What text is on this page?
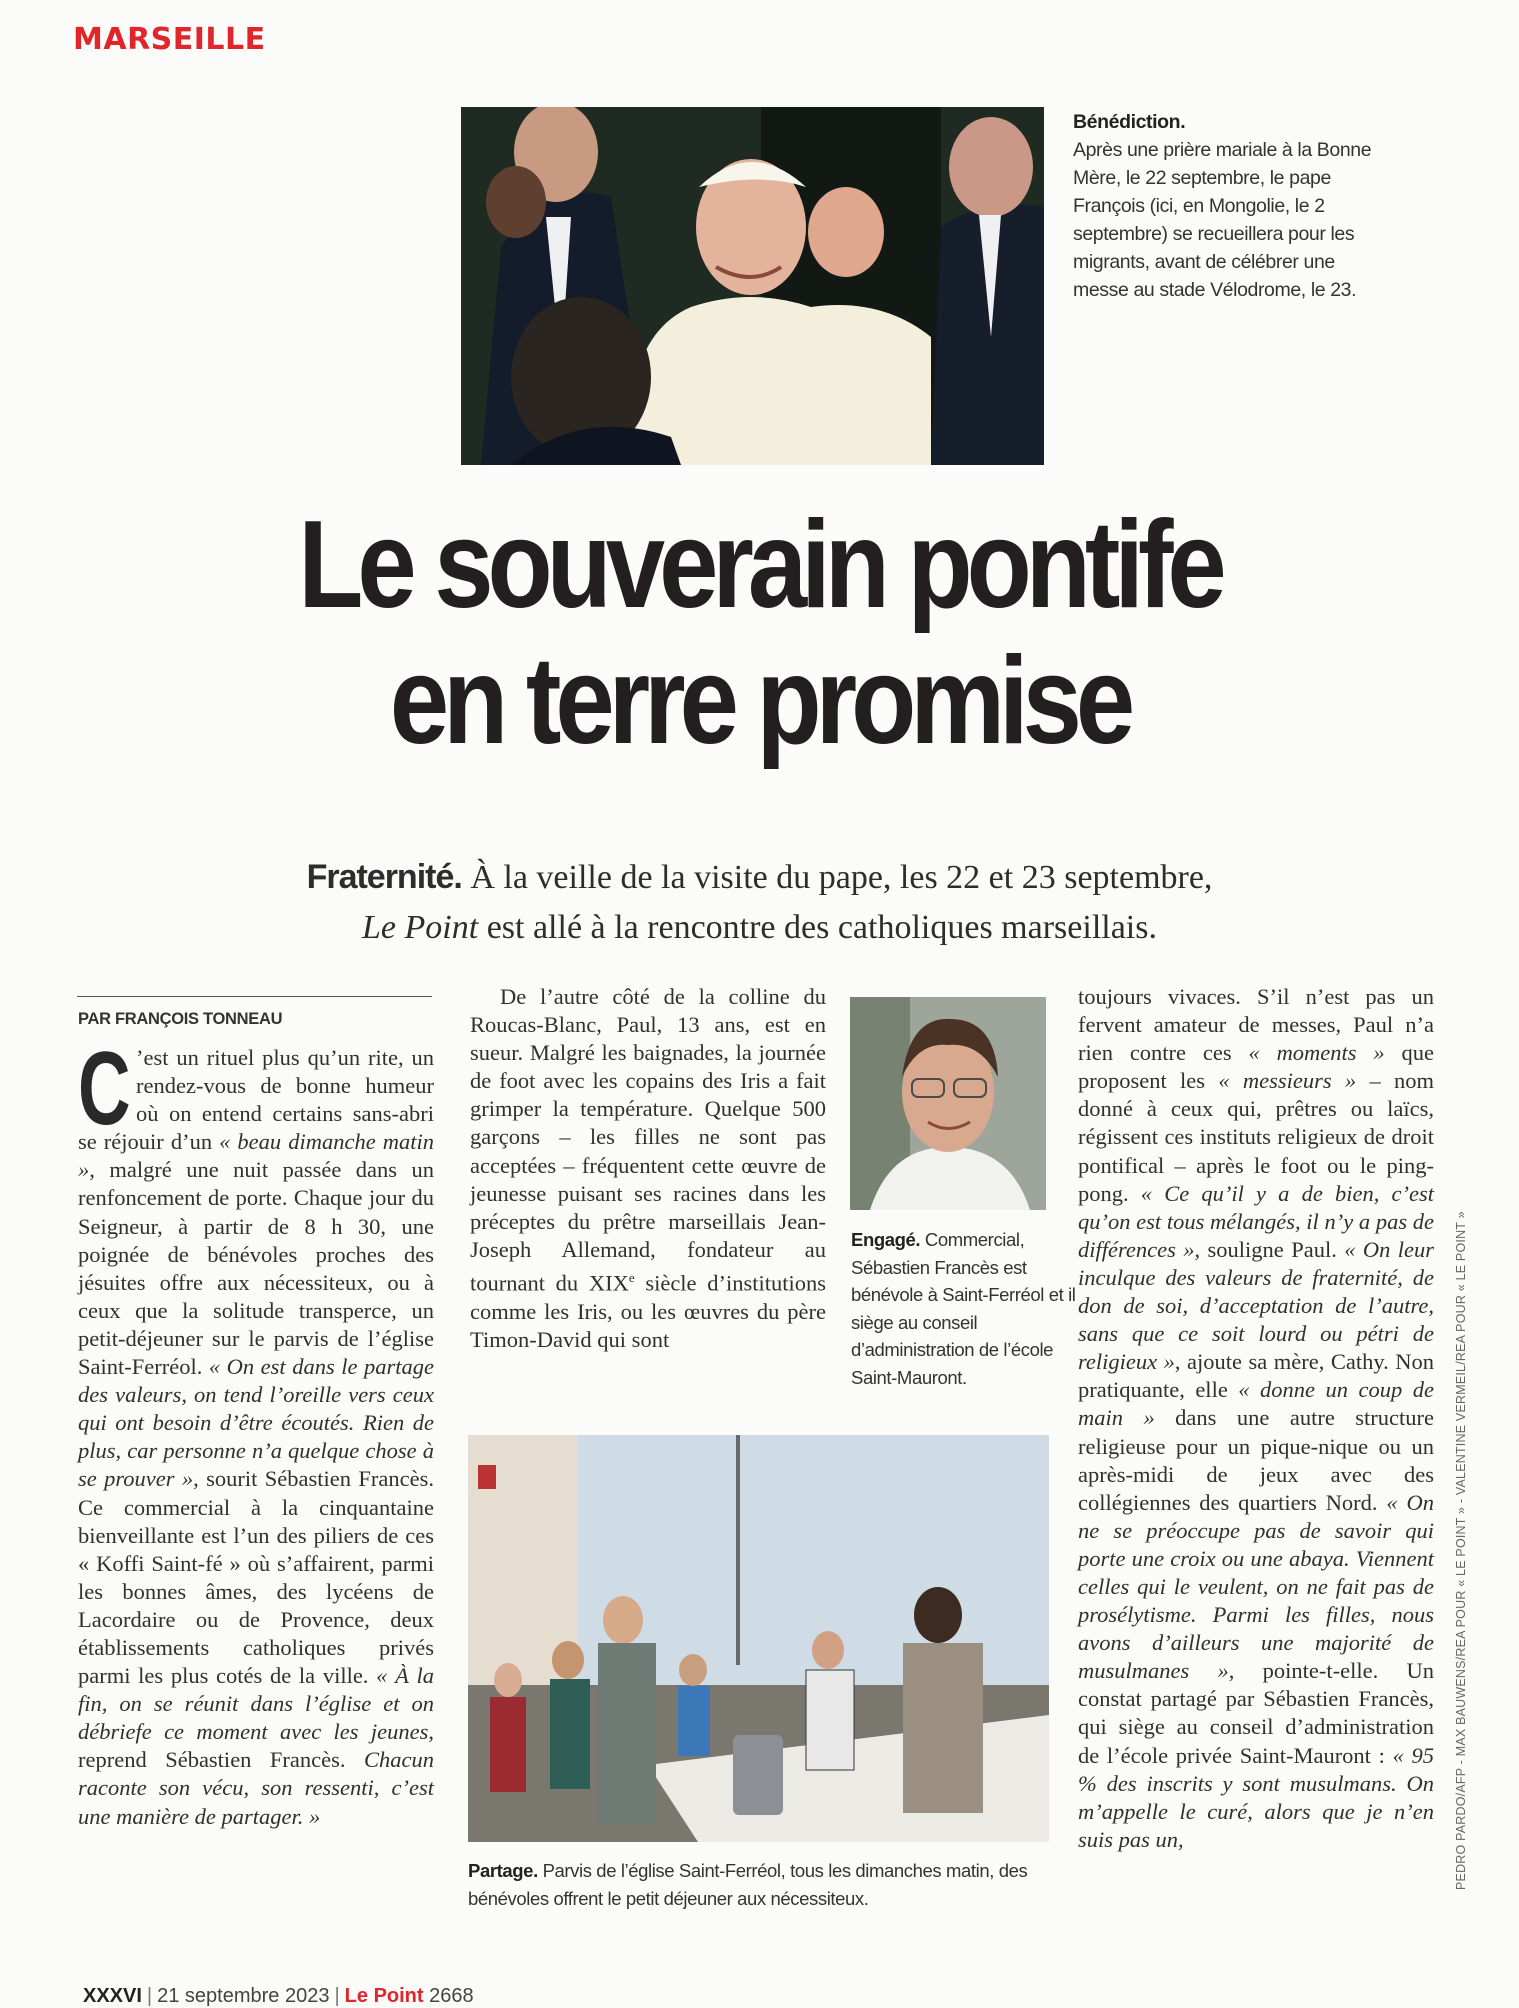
MARSEILLE
Bénédiction.
Après une prière mariale à la Bonne Mère, le 22 septembre, le pape François (ici, en Mongolie, le 2 septembre) se recueillera pour les migrants, avant de célébrer une messe au stade Vélodrome, le 23.
Le souverain pontife
en terre promise
Fraternité. À la veille de la visite du pape, les 22 et 23 septembre,
Le Point est allé à la rencontre des catholiques marseillais.
PAR FRANÇOIS TONNEAU

C ’est un rituel plus qu’un rite, un rendez-vous de bonne humeur où on entend certains sans-abri se réjouir d’un « beau dimanche matin », malgré une nuit passée dans un renfoncement de porte. Chaque jour du Seigneur, à partir de 8 h 30, une poignée de bénévoles proches des jésuites offre aux nécessiteux, ou à ceux que la solitude transperce, un petit-déjeuner sur le parvis de l’église Saint-Ferréol. « On est dans le partage des valeurs, on tend l’oreille vers ceux qui ont besoin d’être écoutés. Rien de plus, car personne n’a quelque chose à se prouver », sourit Sébastien Francès. Ce commercial à la cinquantaine bienveillante est l’un des piliers de ces « Koffi Saint-fé » où s’affairent, parmi les bonnes âmes, des lycéens de Lacordaire ou de Provence, deux établissements catholiques privés parmi les plus cotés de la ville. « À la fin, on se réunit dans l’église et on débriefe ce moment avec les jeunes, reprend Sébastien Francès. Chacun raconte son vécu, son ressenti, c’est une manière de partager. »

De l’autre côté de la colline du Roucas-Blanc, Paul, 13 ans, est en sueur. Malgré les baignades, la journée de foot avec les copains des Iris a fait grimper la température. Quelque 500 garçons – les filles ne sont pas acceptées – fréquentent cette œuvre de jeunesse puisant ses racines dans les préceptes du prêtre marseillais Jean-Joseph Allemand, fondateur au tournant du XIXe siècle d’institutions comme les Iris, ou les œuvres du père Timon-David qui sont

Engagé. Commercial, Sébastien Francès est bénévole à Saint-Ferréol et il siège au conseil d’administration de l’école Saint-Mauront.

toujours vivaces. S’il n’est pas un fervent amateur de messes, Paul n’a rien contre ces « moments » que proposent les « messieurs » – nom donné à ceux qui, prêtres ou laïcs, régissent ces instituts religieux de droit pontifical – après le foot ou le ping-pong. « Ce qu’il y a de bien, c’est qu’on est tous mélangés, il n’y a pas de différences », souligne Paul. « On leur inculque des valeurs de fraternité, de don de soi, d’acceptation de l’autre, sans que ce soit lourd ou pétri de religieux », ajoute sa mère, Cathy. Non pratiquante, elle « donne un coup de main » dans une autre structure religieuse pour un pique-nique ou un après-midi de jeux avec des collégiennes des quartiers Nord. « On ne se préoccupe pas de savoir qui porte une croix ou une abaya. Viennent celles qui le veulent, on ne fait pas de prosélytisme. Parmi les filles, nous avons d’ailleurs une majorité de musulmanes », pointe-t-elle. Un constat partagé par Sébastien Francès, qui siège au conseil d’administration de l’école privée Saint-Mauront : « 95 % des inscrits y sont musulmans. On m’appelle le curé, alors que je n’en suis pas un,

Partage. Parvis de l’église Saint-Ferréol, tous les dimanches matin, des bénévoles offrent le petit déjeuner aux nécessiteux.
PEDRO PARDO/AFP - MAX BAUWENS/REA POUR « LE POINT » - VALENTINE VERMEIL/REA POUR « LE POINT »
XXXVI | 21 septembre 2023 | Le Point 2668
